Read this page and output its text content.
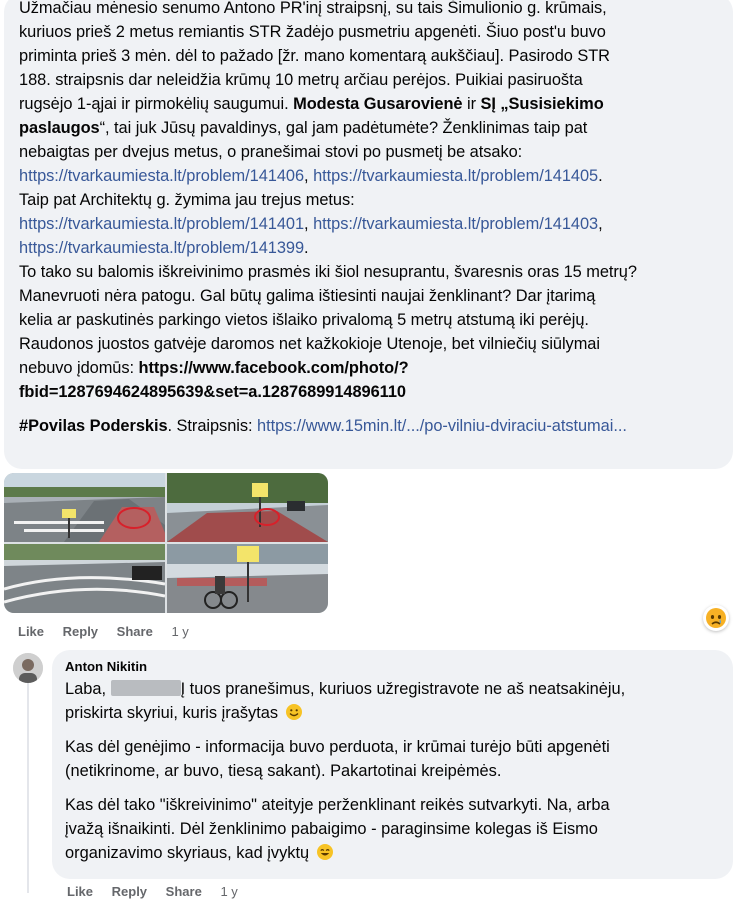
Užmačiau mėnesio senumo Antono PR'inį straipsnį, su tais Šimulionio g. krūmais,
kuriuos prieš 2 metus remiantis STR žadėjo pusmetriu apgenėti. Šiuo post'u buvo
priminta prieš 3 mėn. dėl to pažado [žr. mano komentarą aukščiau]. Pasirodo STR
188. straipsnis dar neleidžia krūmų 10 metrų arčiau perėjos. Puikiai pasiruošta
rugsėjo 1-ąjai ir pirmokėlių saugumui. Modesta Gusarovienė ir SĮ „Susisiekimo
paslaugos“, tai juk Jūsų pavaldinys, gal jam padėtumėte? Ženklinimas taip pat
nebaigtas per dvejus metus, o pranešimai stovi po pusmetį be atsako:
https://tvarkaumiesta.lt/problem/141406, https://tvarkaumiesta.lt/problem/141405.
Taip pat Architektų g. žymima jau trejus metus:
https://tvarkaumiesta.lt/problem/141401, https://tvarkaumiesta.lt/problem/141403,
https://tvarkaumiesta.lt/problem/141399.
To tako su balomis iškreivinimo prasmės iki šiol nesuprantu, švaresnis oras 15 metrų?
Manevruoti nėra patogu. Gal būtų galima ištiesinti naujai ženklinant? Dar įtarimą
kelia ar paskutinės parkingo vietos išlaiko privalomą 5 metrų atstumą iki perėjų.
Raudonos juostos gatvėje daromos net kažkokioje Utenoje, bet vilniečių siūlymai
nebuvo įdomūs: https://www.facebook.com/photo/?
fbid=1287694624895639&set=a.1287689914896110
#Povilas Poderskis. Straipsnis: https://www.15min.lt/.../po-vilniu-dviraciu-atstumai...
Like Reply Share 1 y
Anton Nikitin
Laba,	Į tuos pranešimus, kuriuos užregistravote ne aš neatsakinėju,
priskirta skyriui, kuris įrašytas
Kas dėl genėjimo - informacija buvo perduota, ir krūmai turėjo būti apgenėti
(netikrinome, ar buvo, tiesą sakant). Pakartotinai kreipėmės.
Kas dėl tako "iškreivinimo" ateityje perženklinant reikės sutvarkyti. Na, arba
įvažą išnaikinti. Dėl ženklinimo pabaigimo - paraginsime kolegas iš Eismo
organizavimo skyriaus, kad įvyktų
Like Reply Share 1 y
